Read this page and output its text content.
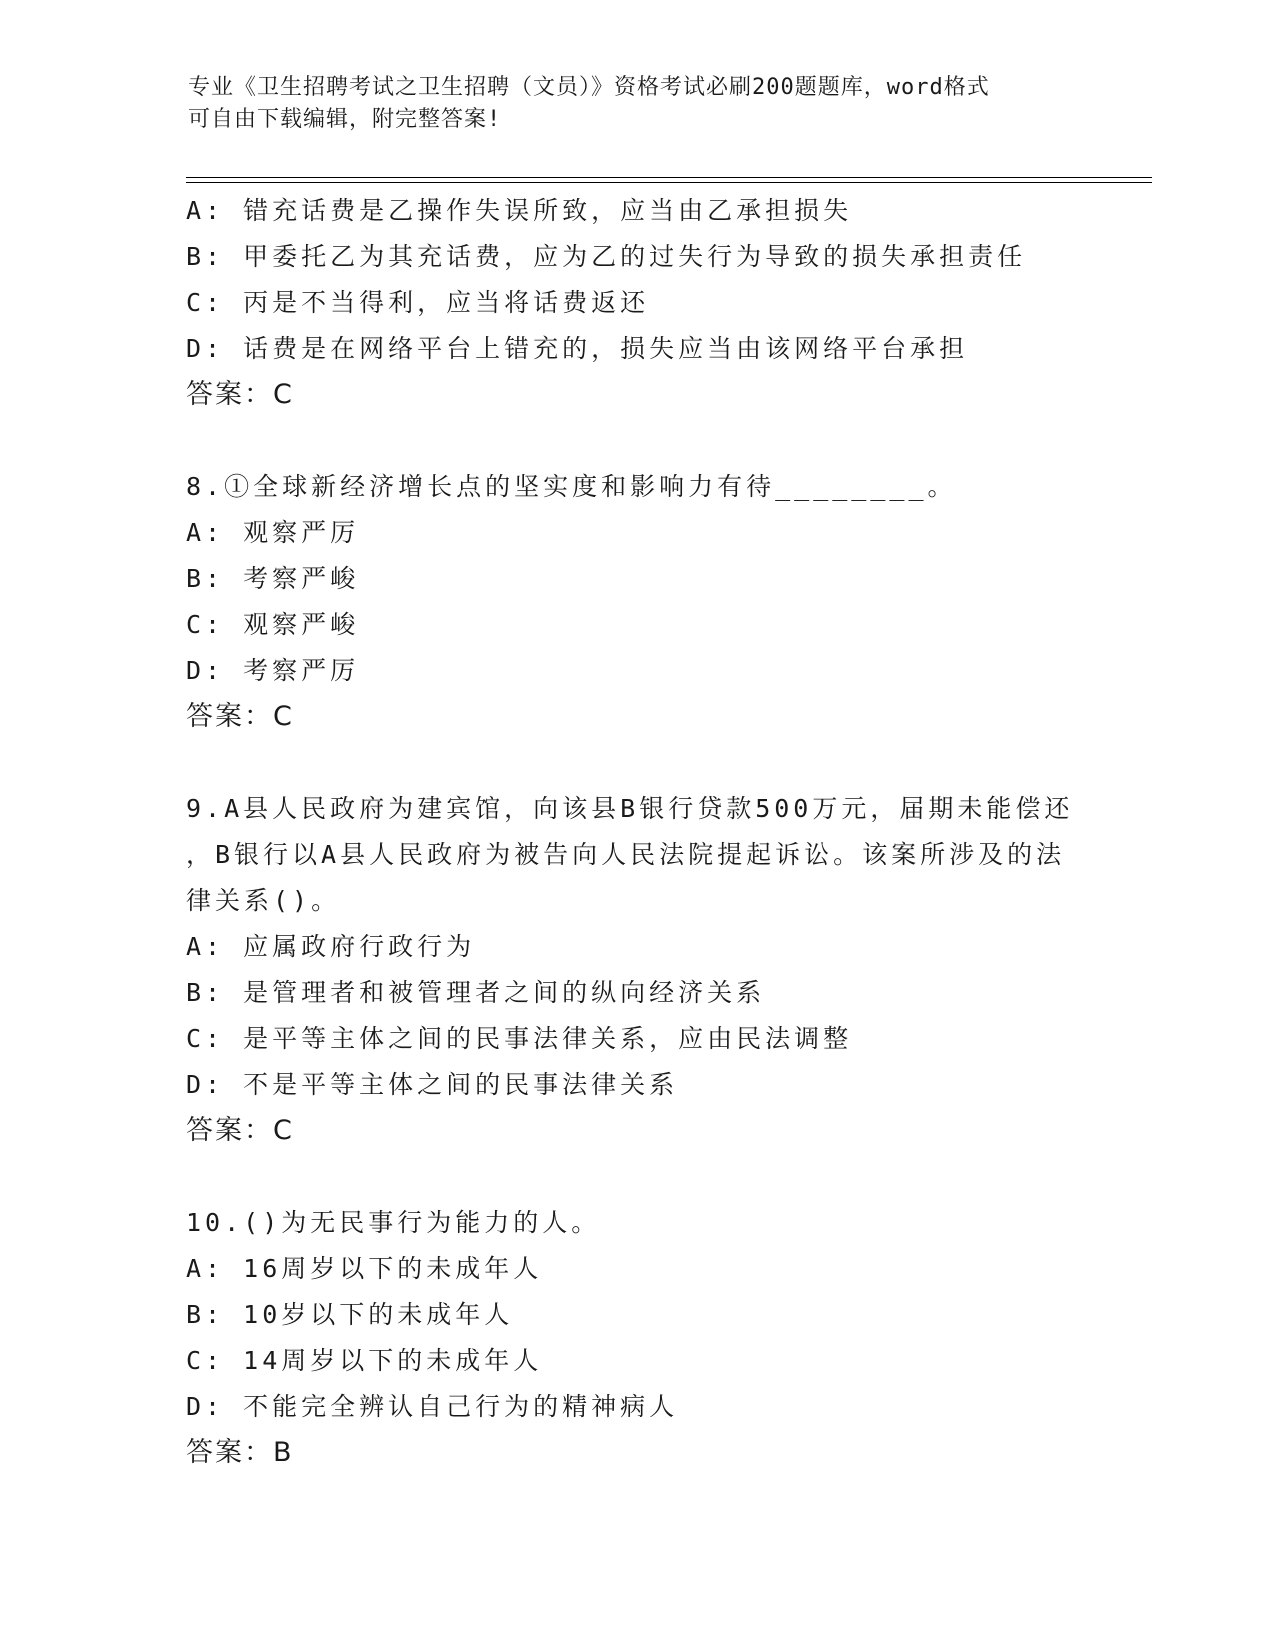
专业《卫生招聘考试之卫生招聘（文员）》资格考试必刷200题题库，word格式
可自由下载编辑，附完整答案!
A: 错充话费是乙操作失误所致，应当由乙承担损失
B: 甲委托乙为其充话费，应为乙的过失行为导致的损失承担责任
C: 丙是不当得利，应当将话费返还
D: 话费是在网络平台上错充的，损失应当由该网络平台承担
答案：C
8.①全球新经济增长点的坚实度和影响力有待________。
A: 观察严厉
B: 考察严峻
C: 观察严峻
D: 考察严厉
答案：C
9.A县人民政府为建宾馆，向该县B银行贷款500万元，届期未能偿还
，B银行以A县人民政府为被告向人民法院提起诉讼。该案所涉及的法
律关系()。
A: 应属政府行政行为
B: 是管理者和被管理者之间的纵向经济关系
C: 是平等主体之间的民事法律关系，应由民法调整
D: 不是平等主体之间的民事法律关系
答案：C
10.()为无民事行为能力的人。
A: 16周岁以下的未成年人
B: 10岁以下的未成年人
C: 14周岁以下的未成年人
D: 不能完全辨认自己行为的精神病人
答案：B
